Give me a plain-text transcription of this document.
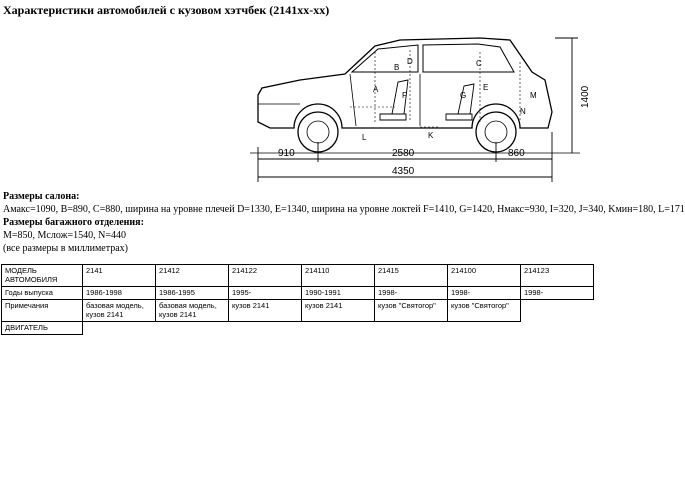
Характеристики автомобилей с кузовом хэтчбек (2141xx-xx)
A
B	C
D
E
F	G
K
L
M
N
910	2580	860
4350
1400
Размеры салона:
Амакс=1090, B=890, C=880, ширина на уровне плечей D=1330, E=1340, ширина на уровне локтей F=1410, G=1420, Hмакс=930, I=320, J=340, Kмин=180, L=171
Размеры багажного отделения:
M=850, Mслож=1540, N=440
(все размеры в миллиметрах)
МОДЕЛЬ АВТОМОБИЛЯ	2141	21412	214122	214110	21415	214100	21412З
Годы выпуска	1986-1998	1986-1995	1995-	1990-1991	1998-	1998-	1998-
Примечания	базовая модель, кузов 2141	базовая модель, кузов 2141	кузов 2141	кузов 2141	кузов "Святогор"	кузов "Святогор"	
ДВИГАТЕЛЬ							
